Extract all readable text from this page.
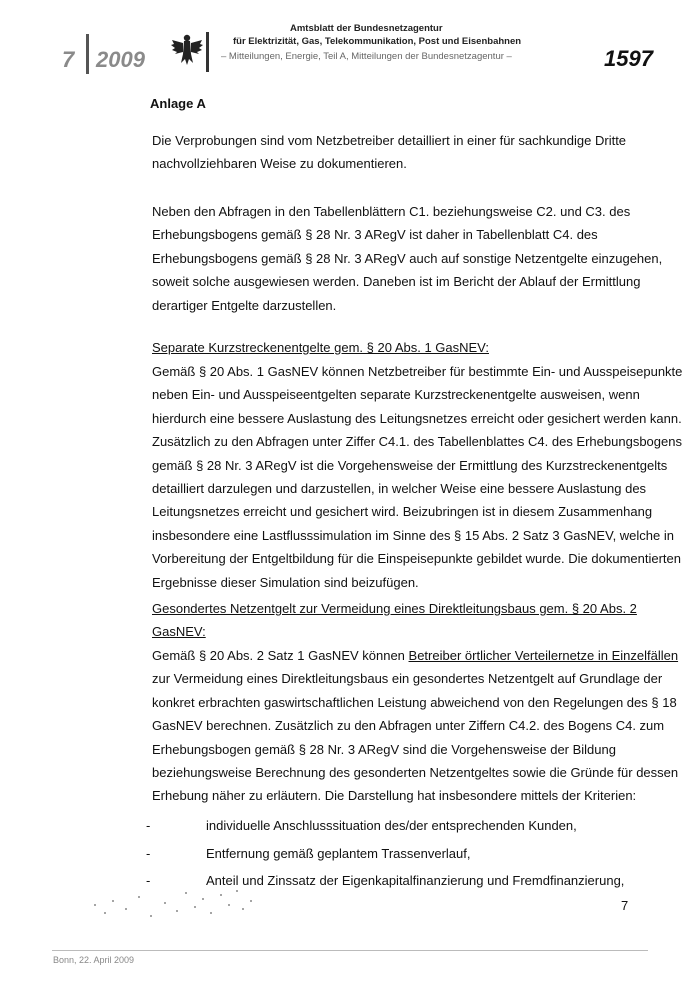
7 2009
Amtsblatt der Bundesnetzagentur
für Elektrizität, Gas, Telekommunikation, Post und Eisenbahnen
– Mitteilungen, Energie, Teil A, Mitteilungen der Bundesnetzagentur –	1597
Anlage A
Die Verprobungen sind vom Netzbetreiber detailliert in einer für sachkundige Dritte
nachvollziehbaren Weise zu dokumentieren.
Neben den Abfragen in den Tabellenblättern C1. beziehungsweise C2. und C3. des
Erhebungsbogens gemäß § 28 Nr. 3 ARegV ist daher in Tabellenblatt C4. des
Erhebungsbogens gemäß § 28 Nr. 3 ARegV auch auf sonstige Netzentgelte einzugehen,
soweit solche ausgewiesen werden. Daneben ist im Bericht der Ablauf der Ermittlung
derartiger Entgelte darzustellen.
Separate Kurzstreckenentgelte gem. § 20 Abs. 1 GasNEV:
Gemäß § 20 Abs. 1 GasNEV können Netzbetreiber für bestimmte Ein- und Ausspeisepunkte
neben Ein- und Ausspeiseentgelten separate Kurzstreckenentgelte ausweisen, wenn
hierdurch eine bessere Auslastung des Leitungsnetzes erreicht oder gesichert werden kann.
Zusätzlich zu den Abfragen unter Ziffer C4.1. des Tabellenblattes C4. des Erhebungsbogens
gemäß § 28 Nr. 3 ARegV ist die Vorgehensweise der Ermittlung des Kurzstreckenentgelts
detailliert darzulegen und darzustellen, in welcher Weise eine bessere Auslastung des
Leitungsnetzes erreicht und gesichert wird. Beizubringen ist in diesem Zusammenhang
insbesondere eine Lastflusssimulation im Sinne des § 15 Abs. 2 Satz 3 GasNEV, welche in
Vorbereitung der Entgeltbildung für die Einspeisepunkte gebildet wurde. Die dokumentierten
Ergebnisse dieser Simulation sind beizufügen.
Gesondertes Netzentgelt zur Vermeidung eines Direktleitungsbaus gem. § 20 Abs. 2
GasNEV:
Gemäß § 20 Abs. 2 Satz 1 GasNEV können Betreiber örtlicher Verteilernetze in Einzelfällen
zur Vermeidung eines Direktleitungsbaus ein gesondertes Netzentgelt auf Grundlage der
konkret erbrachten gaswirtschaftlichen Leistung abweichend von den Regelungen des § 18
GasNEV berechnen. Zusätzlich zu den Abfragen unter Ziffern C4.2. des Bogens C4. zum
Erhebungsbogen gemäß § 28 Nr. 3 ARegV sind die Vorgehensweise der Bildung
beziehungsweise Berechnung des gesonderten Netzentgeltes sowie die Gründe für dessen
Erhebung näher zu erläutern. Die Darstellung hat insbesondere mittels der Kriterien:
-	individuelle Anschlusssituation des/der entsprechenden Kunden,
-	Entfernung gemäß geplantem Trassenverlauf,
-	Anteil und Zinssatz der Eigenkapitalfinanzierung und Fremdfinanzierung,
7
Bonn, 22. April 2009
